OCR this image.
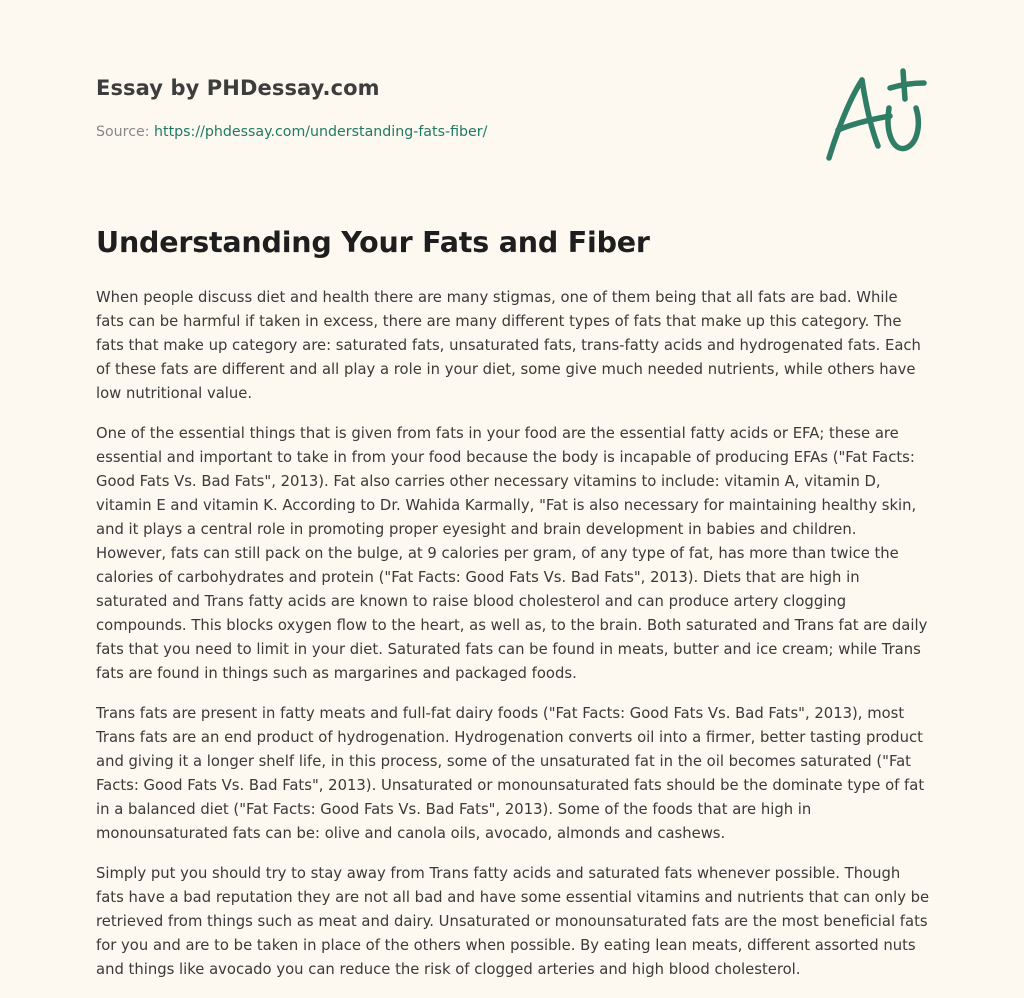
Essay by PHDessay.com
Source: https://phdessay.com/understanding-fats-fiber/
Understanding Your Fats and Fiber

When people discuss diet and health there are many stigmas, one of them being that all fats are bad. While fats can be harmful if taken in excess, there are many different types of fats that make up this category. The fats that make up category are: saturated fats, unsaturated fats, trans-fatty acids and hydrogenated fats. Each of these fats are different and all play a role in your diet, some give much needed nutrients, while others have low nutritional value.

One of the essential things that is given from fats in your food are the essential fatty acids or EFA; these are essential and important to take in from your food because the body is incapable of producing EFAs ("Fat Facts: Good Fats Vs. Bad Fats", 2013). Fat also carries other necessary vitamins to include: vitamin A, vitamin D, vitamin E and vitamin K. According to Dr. Wahida Karmally, "Fat is also necessary for maintaining healthy skin, and it plays a central role in promoting proper eyesight and brain development in babies and children. However, fats can still pack on the bulge, at 9 calories per gram, of any type of fat, has more than twice the calories of carbohydrates and protein ("Fat Facts: Good Fats Vs. Bad Fats", 2013). Diets that are high in saturated and Trans fatty acids are known to raise blood cholesterol and can produce artery clogging compounds. This blocks oxygen flow to the heart, as well as, to the brain. Both saturated and Trans fat are daily fats that you need to limit in your diet. Saturated fats can be found in meats, butter and ice cream; while Trans fats are found in things such as margarines and packaged foods.

Trans fats are present in fatty meats and full-fat dairy foods ("Fat Facts: Good Fats Vs. Bad Fats", 2013), most Trans fats are an end product of hydrogenation. Hydrogenation converts oil into a firmer, better tasting product and giving it a longer shelf life, in this process, some of the unsaturated fat in the oil becomes saturated ("Fat Facts: Good Fats Vs. Bad Fats", 2013). Unsaturated or monounsaturated fats should be the dominate type of fat in a balanced diet ("Fat Facts: Good Fats Vs. Bad Fats", 2013). Some of the foods that are high in monounsaturated fats can be: olive and canola oils, avocado, almonds and cashews.

Simply put you should try to stay away from Trans fatty acids and saturated fats whenever possible. Though fats have a bad reputation they are not all bad and have some essential vitamins and nutrients that can only be retrieved from things such as meat and dairy. Unsaturated or monounsaturated fats are the most beneficial fats for you and are to be taken in place of the others when possible. By eating lean meats, different assorted nuts and things like avocado you can reduce the risk of clogged arteries and high blood cholesterol.
